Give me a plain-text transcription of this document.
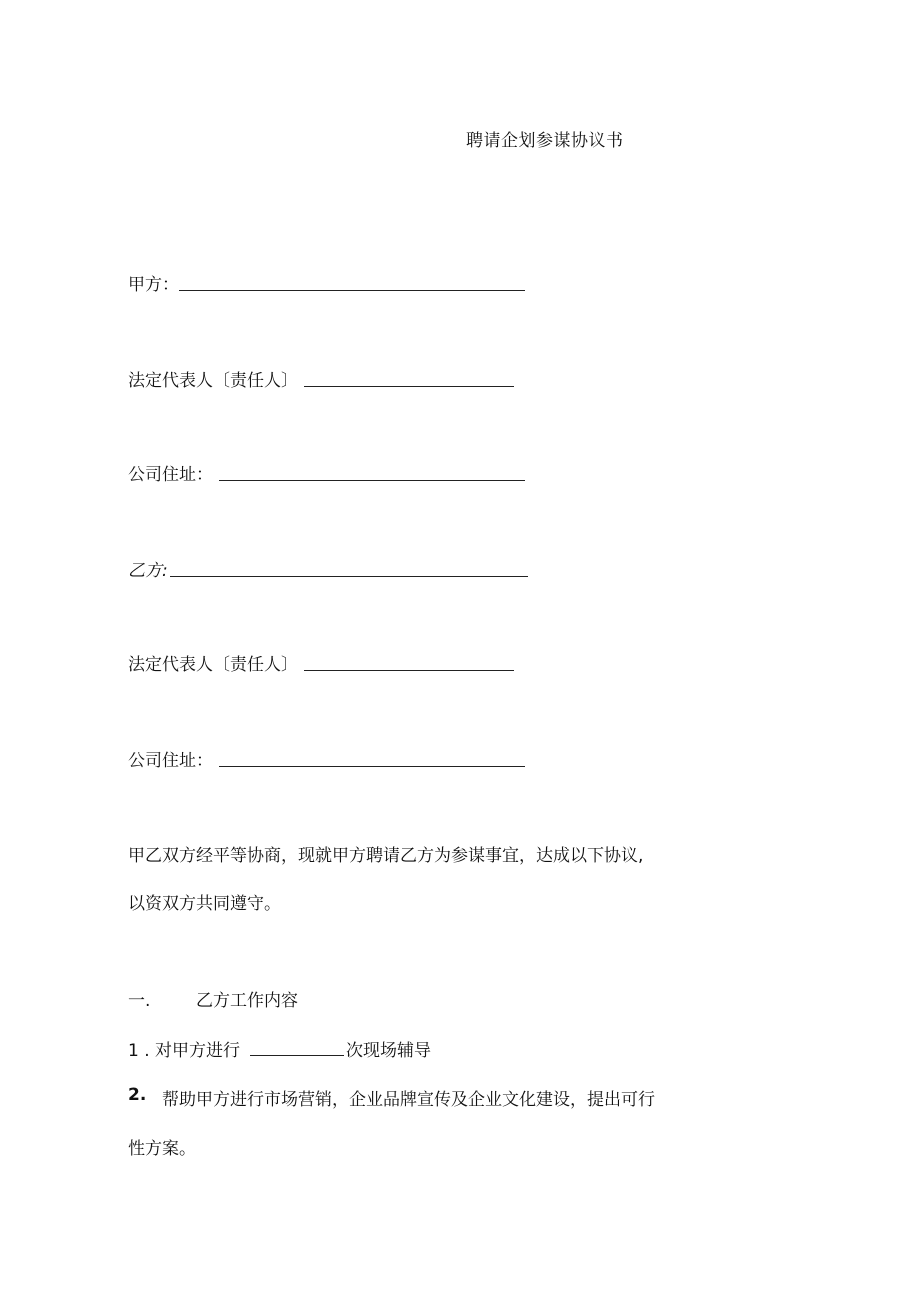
聘请企划参谋协议书
甲方：
法定代表人〔责任人〕
公司住址：
乙方:
法定代表人〔责任人〕
公司住址：
甲乙双方经平等协商，现就甲方聘请乙方为参谋事宜，达成以下协议,
以资双方共同遵守。
一.	乙方工作内容
1 . 对甲方进行	次现场辅导
2. 帮助甲方进行市场营销，企业品牌宣传及企业文化建设，提出可行
性方案。
